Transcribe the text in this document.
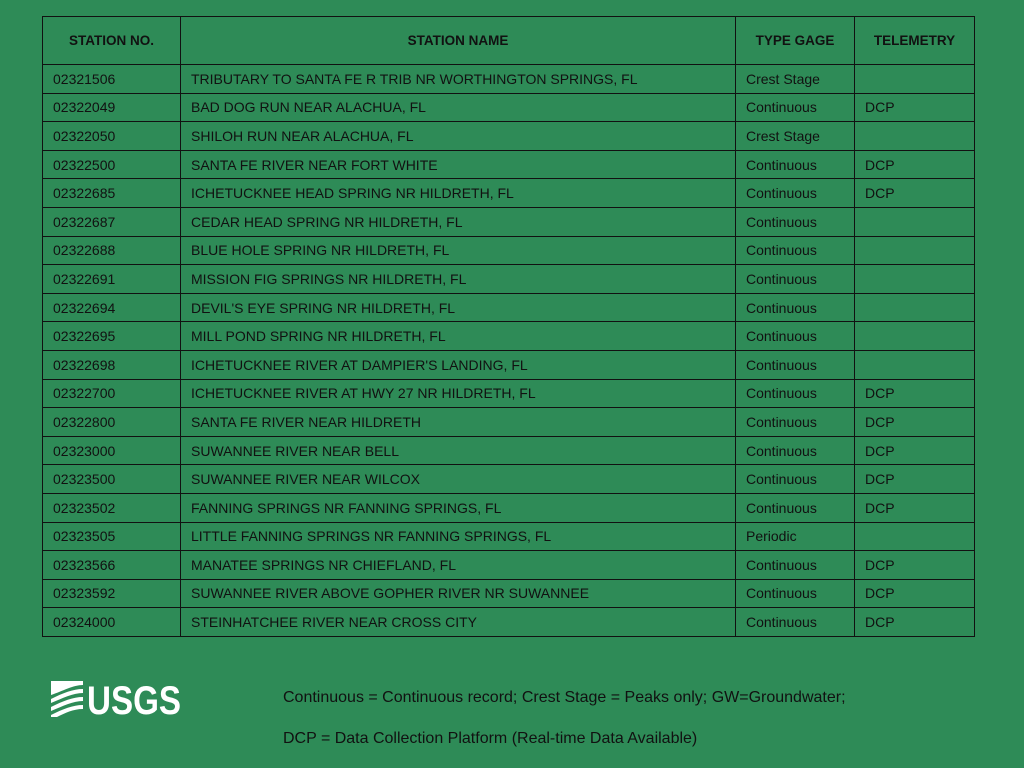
STATION NO.	STATION NAME	TYPE GAGE	TELEMETRY
02321506	TRIBUTARY TO SANTA FE R TRIB NR WORTHINGTON SPRINGS, FL	Crest Stage	
02322049	BAD DOG RUN NEAR ALACHUA, FL	Continuous	DCP
02322050	SHILOH RUN NEAR ALACHUA, FL	Crest Stage	
02322500	SANTA FE RIVER NEAR FORT WHITE	Continuous	DCP
02322685	ICHETUCKNEE HEAD SPRING NR HILDRETH, FL	Continuous	DCP
02322687	CEDAR HEAD SPRING NR HILDRETH, FL	Continuous	
02322688	BLUE HOLE SPRING NR HILDRETH, FL	Continuous	
02322691	MISSION FIG SPRINGS NR HILDRETH, FL	Continuous	
02322694	DEVIL'S EYE SPRING NR HILDRETH, FL	Continuous	
02322695	MILL POND SPRING NR HILDRETH, FL	Continuous	
02322698	ICHETUCKNEE RIVER AT DAMPIER'S LANDING, FL	Continuous	
02322700	ICHETUCKNEE RIVER AT HWY 27 NR HILDRETH, FL	Continuous	DCP
02322800	SANTA FE RIVER NEAR HILDRETH	Continuous	DCP
02323000	SUWANNEE RIVER NEAR BELL	Continuous	DCP
02323500	SUWANNEE RIVER NEAR WILCOX	Continuous	DCP
02323502	FANNING SPRINGS NR FANNING SPRINGS, FL	Continuous	DCP
02323505	LITTLE FANNING SPRINGS NR FANNING SPRINGS, FL	Periodic	
02323566	MANATEE SPRINGS NR CHIEFLAND, FL	Continuous	DCP
02323592	SUWANNEE RIVER ABOVE GOPHER RIVER NR SUWANNEE	Continuous	DCP
02324000	STEINHATCHEE RIVER NEAR CROSS CITY	Continuous	DCP
USGS	Continuous = Continuous record; Crest Stage = Peaks only; GW=Groundwater;
DCP = Data Collection Platform (Real-time Data Available)
